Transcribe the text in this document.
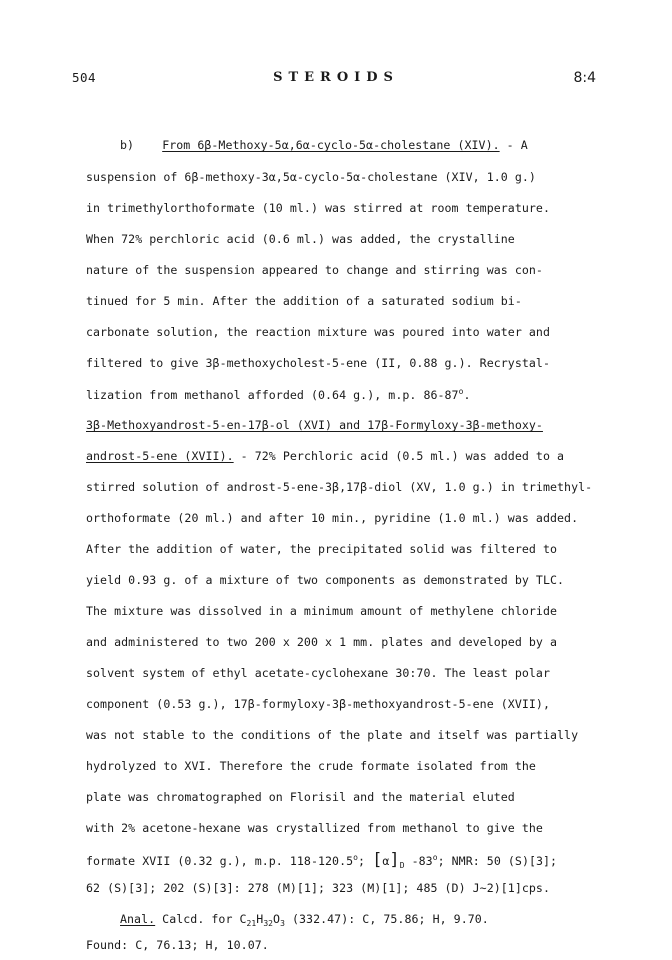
504	STEROIDS	8:4
b) From 6β-Methoxy-5α,6α-cyclo-5α-cholestane (XIV). - A
suspension of 6β-methoxy-3α,5α-cyclo-5α-cholestane (XIV, 1.0 g.)
in trimethylorthoformate (10 ml.) was stirred at room temperature.
When 72% perchloric acid (0.6 ml.) was added, the crystalline
nature of the suspension appeared to change and stirring was con-
tinued for 5 min. After the addition of a saturated sodium bi-
carbonate solution, the reaction mixture was poured into water and
filtered to give 3β-methoxycholest-5-ene (II, 0.88 g.). Recrystal-
lization from methanol afforded (0.64 g.), m.p. 86-87$^o$.
3β-Methoxyandrost-5-en-17β-ol (XVI) and 17β-Formyloxy-3β-methoxy-
androst-5-ene (XVII). - 72% Perchloric acid (0.5 ml.) was added to a
stirred solution of androst-5-ene-3β,17β-diol (XV, 1.0 g.) in trimethyl-
orthoformate (20 ml.) and after 10 min., pyridine (1.0 ml.) was added.
After the addition of water, the precipitated solid was filtered to
yield 0.93 g. of a mixture of two components as demonstrated by TLC.
The mixture was dissolved in a minimum amount of methylene chloride
and administered to two 200 x 200 x 1 mm. plates and developed by a
solvent system of ethyl acetate-cyclohexane 30:70. The least polar
component (0.53 g.), 17β-formyloxy-3β-methoxyandrost-5-ene (XVII),
was not stable to the conditions of the plate and itself was partially
hydrolyzed to XVI. Therefore the crude formate isolated from the
plate was chromatographed on Florisil and the material eluted
with 2% acetone-hexane was crystallized from methanol to give the
formate XVII (0.32 g.), m.p. 118-120.5$^o$; $[\alpha]_D$ -83$^o$; NMR: 50 (S)[3];
62 (S)[3]; 202 (S)[3]: 278 (M)[1]; 323 (M)[1]; 485 (D) J∼2)[1]cps.
Anal. Calcd. for $C_{21}H_{32}O_3$ (332.47): C, 75.86; H, 9.70.
Found: C, 76.13; H, 10.07.
